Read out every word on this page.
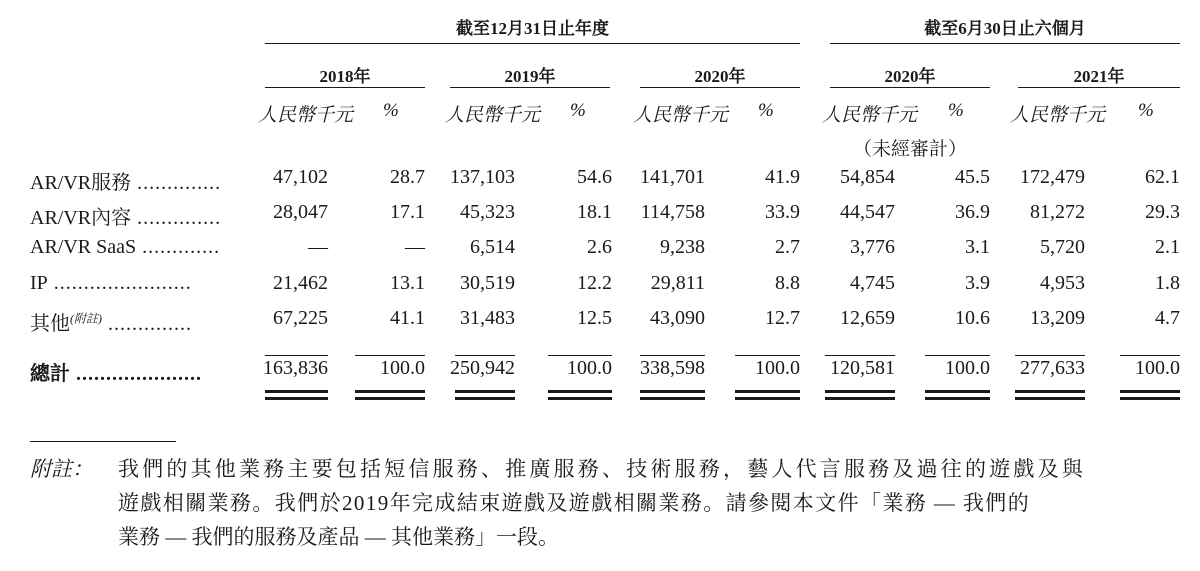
截至12月31日止年度	截至6月30日止六個月
2018年	2019年	2020年	2020年	2021年
人民幣千元 % 人民幣千元 % 人民幣千元 %	人民幣千元 % 人民幣千元 %
（未經審計）
AR/VR服務 ..............	47,102	28.7 137,103	54.6 141,701	41.9 54,854	45.5 172,479	62.1
AR/VR內容 ..............	28,047	17.1 45,323	18.1 114,758	33.9 44,547	36.9 81,272	29.3
AR/VR SaaS .............	—	— 6,514	2.6 9,238	2.7	3,776	3.1	5,720	2.1
IP .......................	21,462	13.1 30,519	12.2 29,811	8.8	4,745	3.9	4,953	1.8
其他$^{(附註)}$ ..............	67,225	41.1 31,483	12.5 43,090	12.7 12,659	10.6 13,209	4.7
總計 .....................	163,836	100.0 250,942	100.0 338,598	100.0 120,581	100.0 277,633	100.0
附註： 我們的其他業務主要包括短信服務、推廣服務、技術服務，藝人代言服務及過往的遊戲及與
遊戲相關業務。我們於2019年完成結束遊戲及遊戲相關業務。請參閱本文件「業務 — 我們的
業務 — 我們的服務及產品 — 其他業務」一段。
